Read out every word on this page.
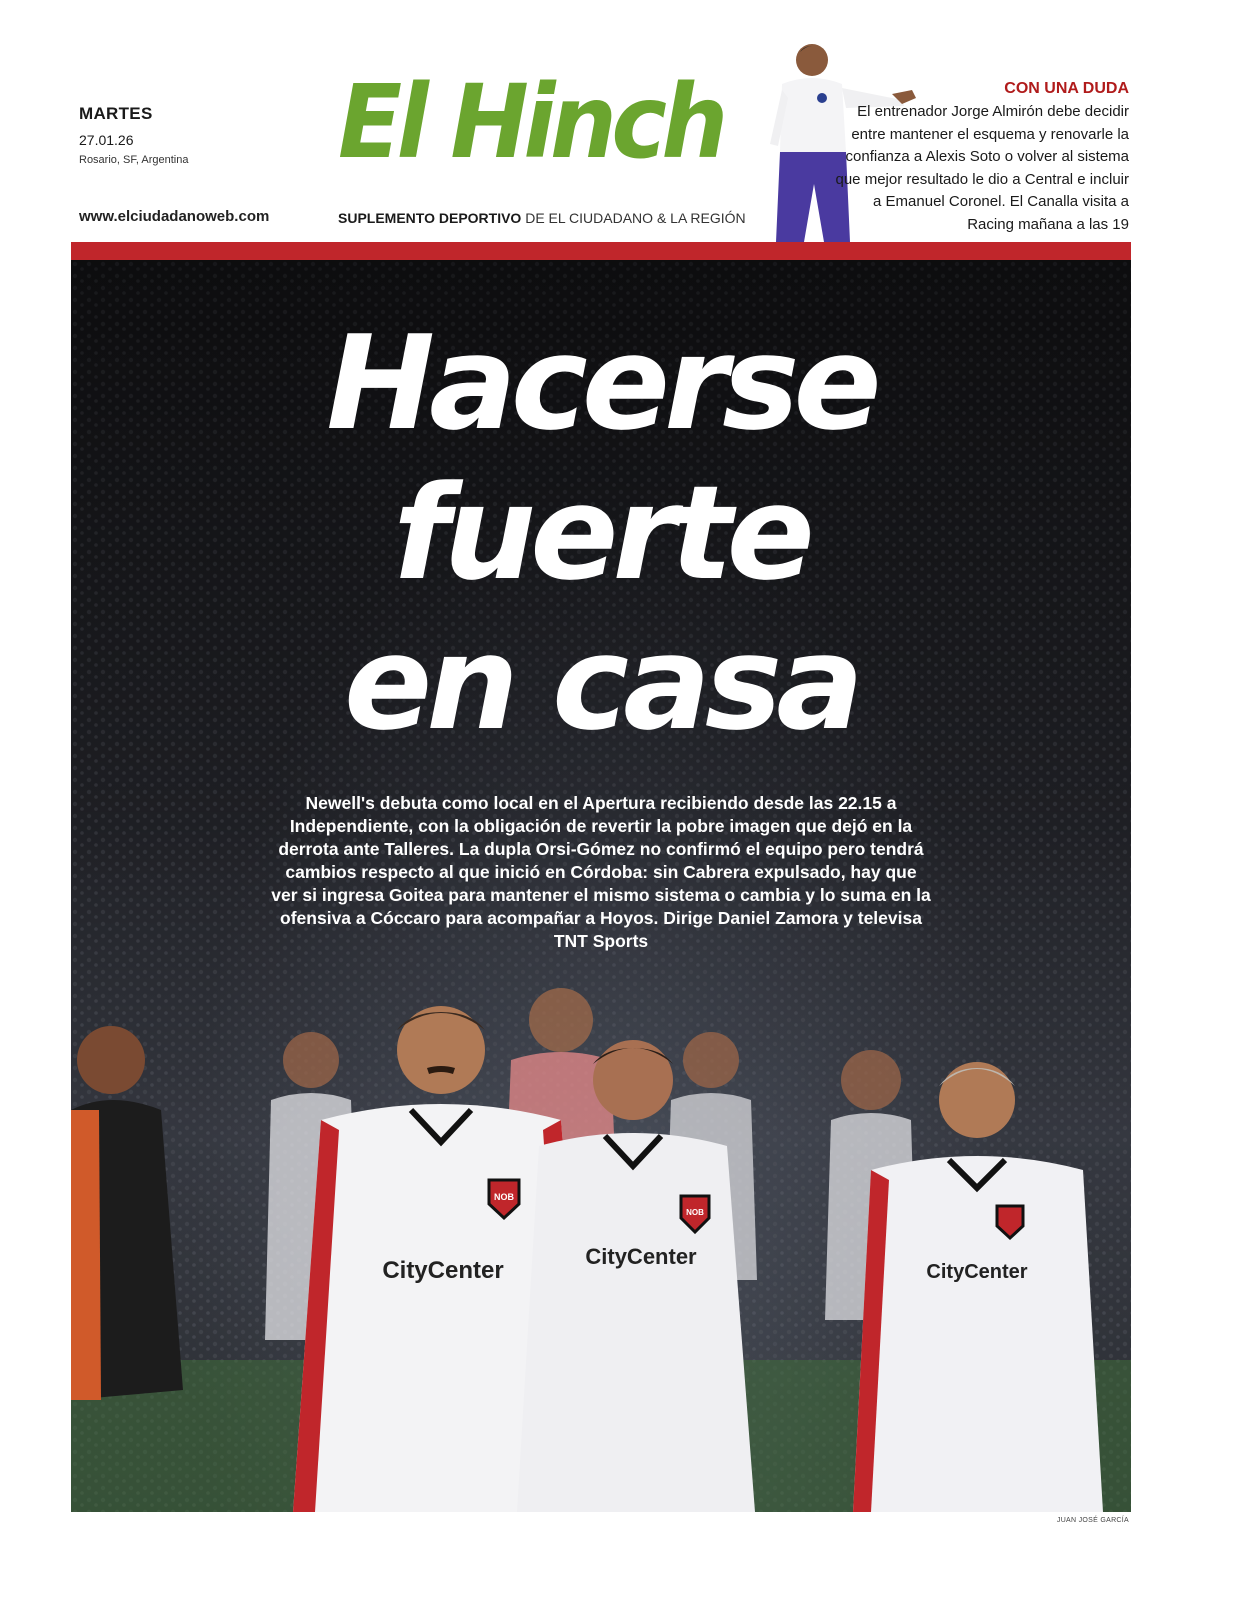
MARTES
27.01.26
Rosario, SF, Argentina
www.elciudadanoweb.com
El Hinch
SUPLEMENTO DEPORTIVO DE EL CIUDADANO & LA REGIÓN
CON UNA DUDA
El entrenador Jorge Almirón debe decidir entre mantener el esquema y renovarle la confianza a Alexis Soto o volver al sistema que mejor resultado le dio a Central e incluir a Emanuel Coronel. El Canalla visita a Racing mañana a las 19
Hacerse
fuerte
en casa
Newell's debuta como local en el Apertura recibiendo desde las 22.15 a Independiente, con la obligación de revertir la pobre imagen que dejó en la derrota ante Talleres. La dupla Orsi-Gómez no confirmó el equipo pero tendrá cambios respecto al que inició en Córdoba: sin Cabrera expulsado, hay que ver si ingresa Goitea para mantener el mismo sistema o cambia y lo suma en la ofensiva a Cóccaro para acompañar a Hoyos. Dirige Daniel Zamora y televisa TNT Sports
NOB
CityCenter
NOB
CityCenter
CityCenter
JUAN JOSÉ GARCÍA
